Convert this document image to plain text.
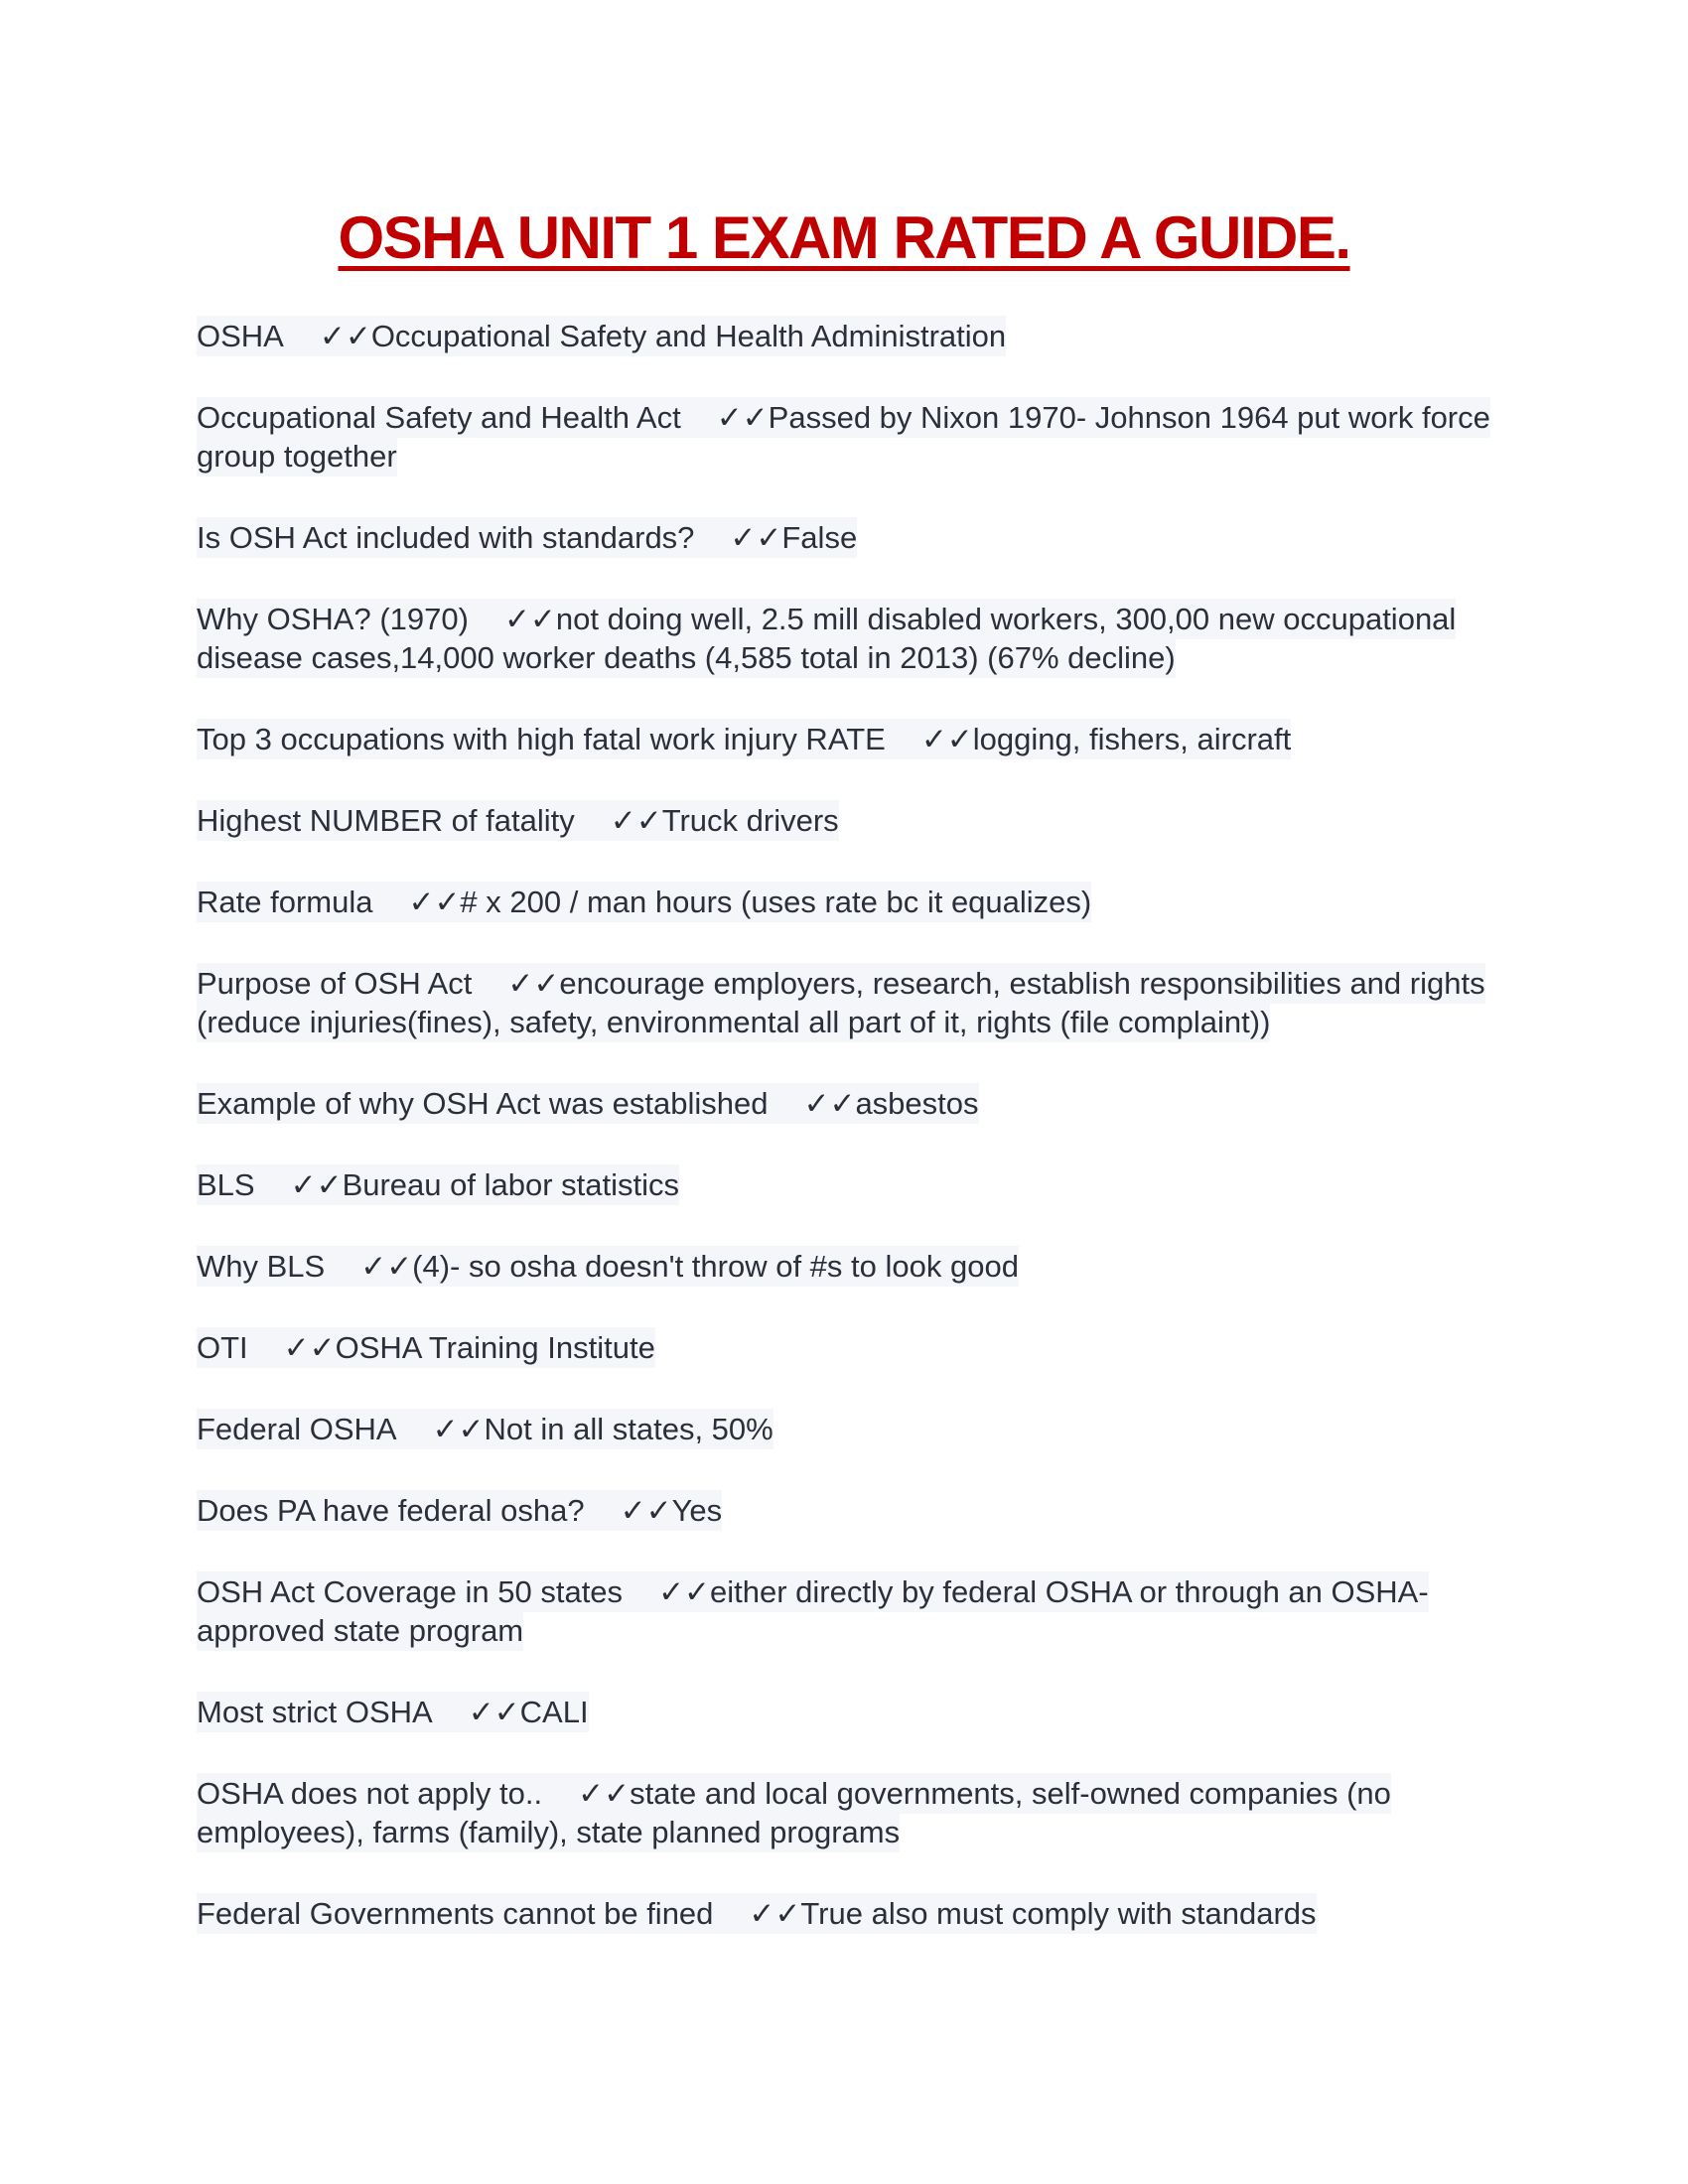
OSHA UNIT 1 EXAM RATED A GUIDE.

OSHA ✓✓Occupational Safety and Health Administration

Occupational Safety and Health Act ✓✓Passed by Nixon 1970- Johnson 1964 put work force group together

Is OSH Act included with standards? ✓✓False

Why OSHA? (1970) ✓✓not doing well, 2.5 mill disabled workers, 300,00 new occupational disease cases,14,000 worker deaths (4,585 total in 2013) (67% decline)

Top 3 occupations with high fatal work injury RATE ✓✓logging, fishers, aircraft

Highest NUMBER of fatality ✓✓Truck drivers

Rate formula ✓✓# x 200 / man hours (uses rate bc it equalizes)

Purpose of OSH Act ✓✓encourage employers, research, establish responsibilities and rights (reduce injuries(fines), safety, environmental all part of it, rights (file complaint))

Example of why OSH Act was established ✓✓asbestos

BLS ✓✓Bureau of labor statistics

Why BLS ✓✓(4)- so osha doesn't throw of #s to look good

OTI ✓✓OSHA Training Institute

Federal OSHA ✓✓Not in all states, 50%

Does PA have federal osha? ✓✓Yes

OSH Act Coverage in 50 states ✓✓either directly by federal OSHA or through an OSHA-approved state program

Most strict OSHA ✓✓CALI

OSHA does not apply to.. ✓✓state and local governments, self-owned companies (no employees), farms (family), state planned programs

Federal Governments cannot be fined ✓✓True also must comply with standards
